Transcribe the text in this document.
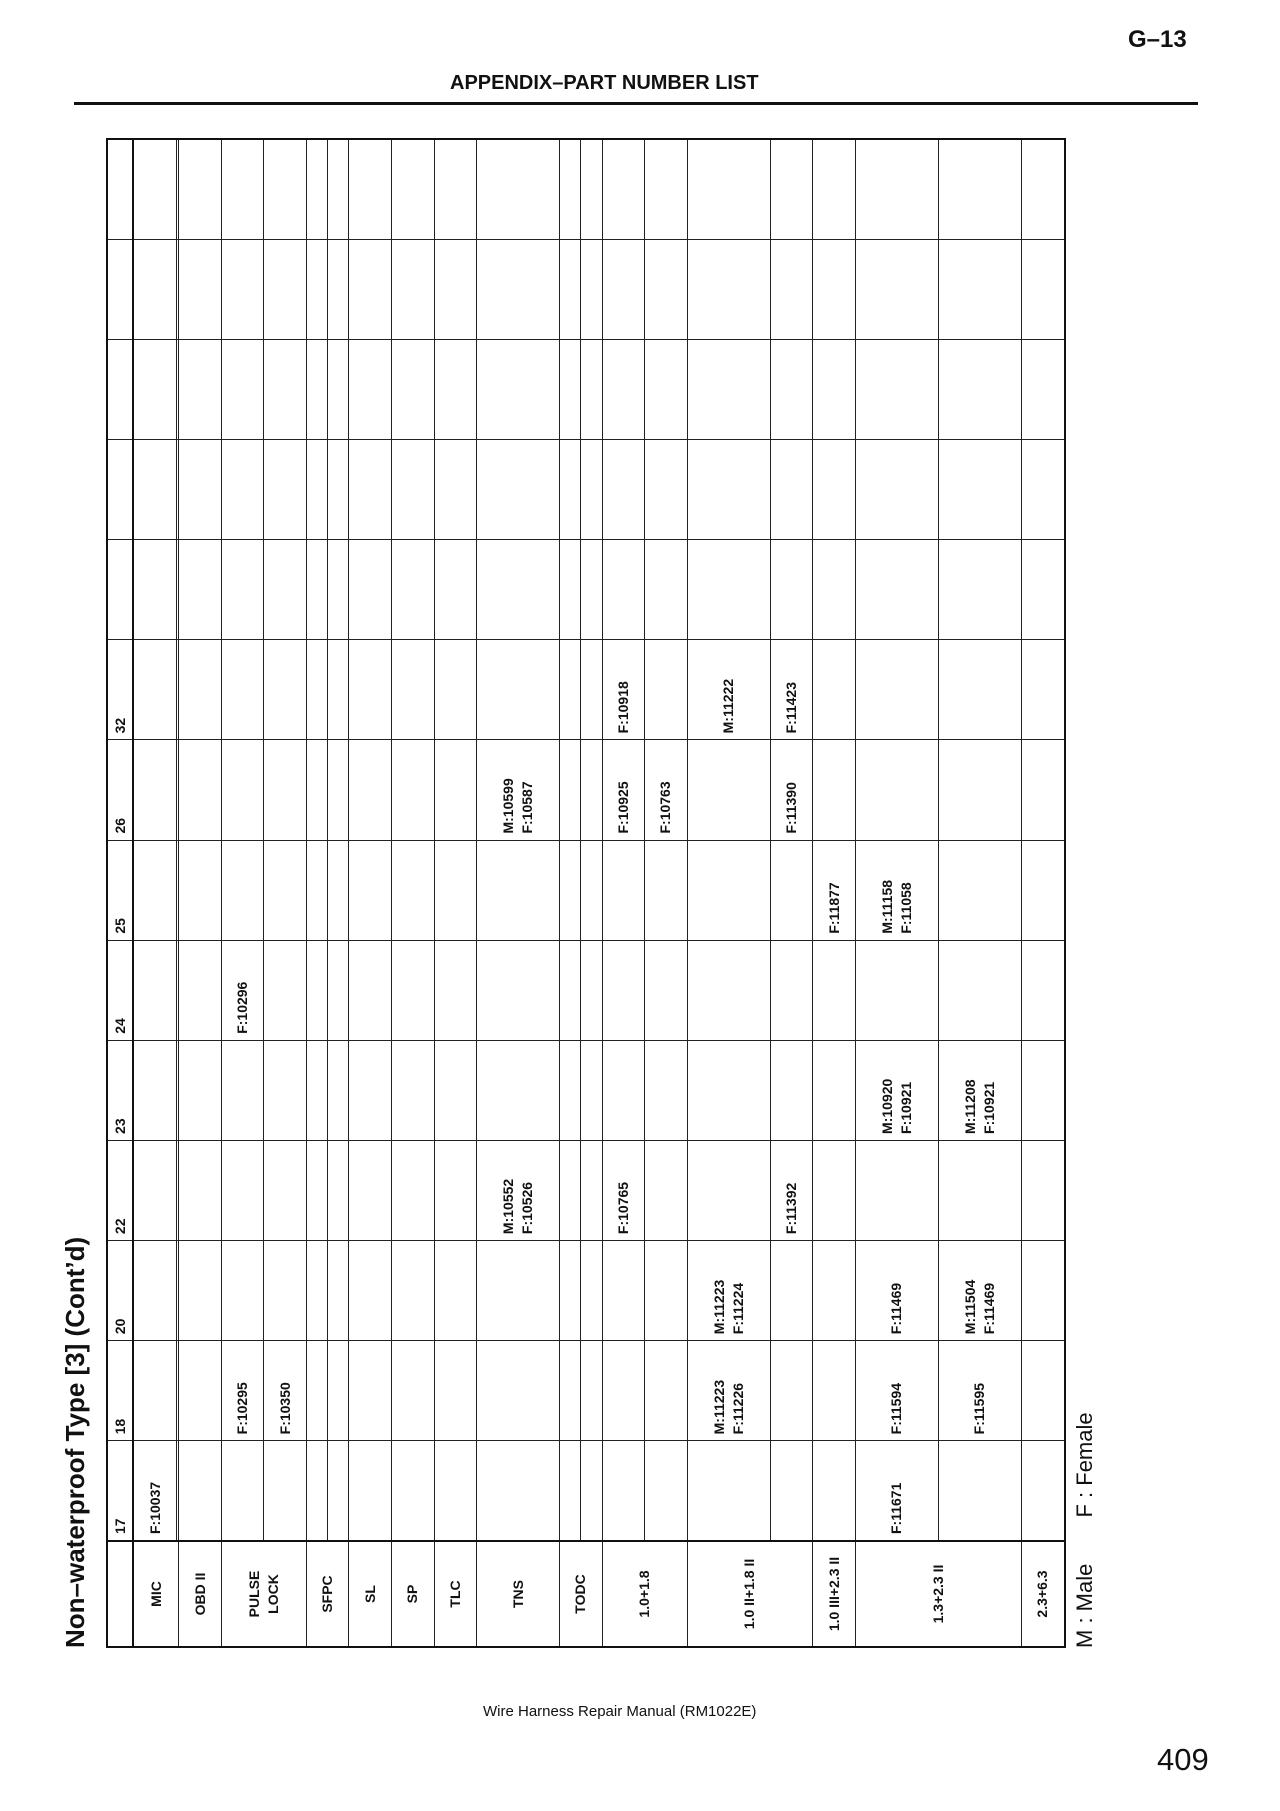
G–13
APPENDIX–PART NUMBER LIST
Non–waterproof Type [3] (Cont’d)
	17	18	20	22	23	24	25	26	32					

MIC	F:10037													

OBD II														

PULSE LOCK		F:10295				F:10296								

		F:10350												

SFPC														

SL														

SP														

TLC														

TNS				M:10552 F:10526				M:10599 F:10587						

TODC														

1.0+1.8				F:10765				F:10925	F:10918					

								F:10763						

1.0 II+1.8 II		M:11223 F:11226	M:11223 F:11224						M:11222					

				F:11392				F:11390	F:11423					

1.0 III+2.3 II							F:11877							

1.3+2.3 II	F:11671	F:11594	F:11469		M:10920 F:10921		M:11158 F:11058							

		F:11595	M:11504 F:11469		M:11208 F:10921									

2.3+6.3														
														M : Male F : Female
Wire Harness Repair Manual (RM1022E)
409
